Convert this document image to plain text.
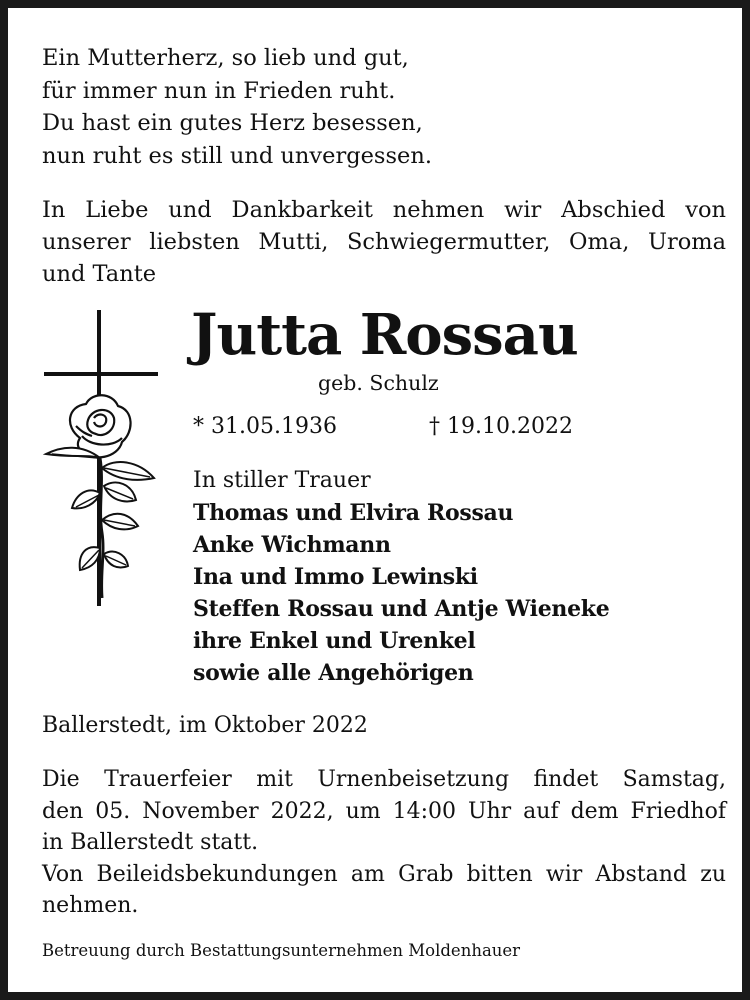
Ein Mutterherz, so lieb und gut,
für immer nun in Frieden ruht.
Du hast ein gutes Herz besessen,
nun ruht es still und unvergessen.
In Liebe und Dankbarkeit nehmen wir Abschied von
unserer liebsten Mutti, Schwiegermutter, Oma, Uroma
und Tante
Jutta Rossau
geb. Schulz
* 31.05.1936	† 19.10.2022
In stiller Trauer
Thomas und Elvira Rossau
Anke Wichmann
Ina und Immo Lewinski
Steffen Rossau und Antje Wieneke
ihre Enkel und Urenkel
sowie alle Angehörigen
Ballerstedt, im Oktober 2022
Die Trauerfeier mit Urnenbeisetzung findet Samstag,
den 05. November 2022, um 14:00 Uhr auf dem Friedhof
in Ballerstedt statt.
Von Beileidsbekundungen am Grab bitten wir Abstand zu
nehmen.
Betreuung durch Bestattungsunternehmen Moldenhauer
